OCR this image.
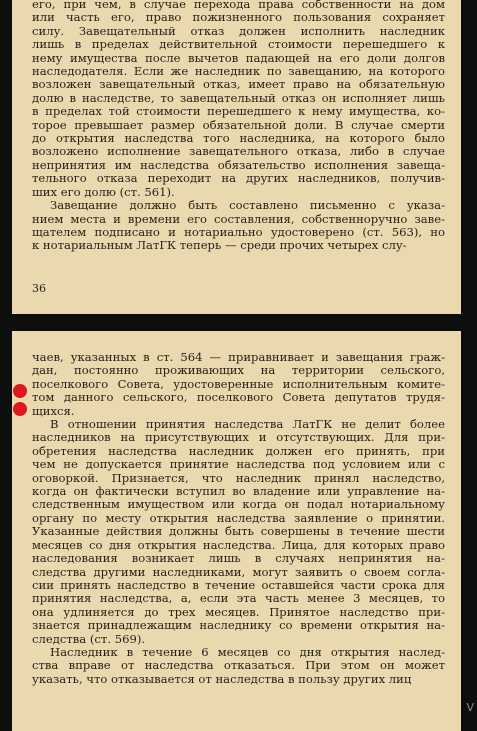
его, при чем, в случае перехода права собственности на дом
или часть его, право пожизненного пользования сохраняет
силу. Завещательный отказ должен исполнить наследник
лишь в пределах действительной стоимости перешедшего к
нему имущества после вычетов падающей на его доли долгов
наследодателя. Если же наследник по завещанию, на которого
возложен завещательный отказ, имеет право на обязательную
долю в наследстве, то завещательный отказ он исполняет лишь
в пределах той стоимости перешедшего к нему имущества, ко-
торое превышает размер обязательной доли. В случае смерти
до открытия наследства того наследника, на которого было
возложено исполнение завещательного отказа, либо в случае
непринятия им наследства обязательство исполнения завеща-
тельного отказа переходит на других наследников, получив-
ших его долю (ст. 561).
Завещание должно быть составлено письменно с указа-
нием места и времени его составления, собственноручно заве-
щателем подписано и нотариально удостоверено (ст. 563), но
к нотариальным ЛатГК теперь — среди прочих четырех слу-
36
чаев, указанных в ст. 564 — приравнивает и завещания граж-
дан, постоянно проживающих на территории сельского,
поселкового Совета, удостоверенные исполнительным комите-
том данного сельского, поселкового Совета депутатов трудя-
щихся.
В отношении принятия наследства ЛатГК не делит более
наследников на присутствующих и отсутствующих. Для при-
обретения наследства наследник должен его принять, при
чем не допускается принятие наследства под условием или с
оговоркой. Признается, что наследник принял наследство,
когда он фактически вступил во владение или управление на-
следственным имуществом или когда он подал нотариальному
органу по месту открытия наследства заявление о принятии.
Указанные действия должны быть совершены в течение шести
месяцев со дня открытия наследства. Лица, для которых право
наследования возникает лишь в случаях непринятия на-
следства другими наследниками, могут заявить о своем согла-
сии принять наследство в течение оставшейся части срока для
принятия наследства, а, если эта часть менее 3 месяцев, то
она удлиняется до трех месяцев. Принятое наследство при-
знается принадлежащим наследнику со времени открытия на-
следства (ст. 569).
Наследник в течение 6 месяцев со дня открытия наслед-
ства вправе от наследства отказаться. При этом он может
указать, что отказывается от наследства в пользу других лиц
V
